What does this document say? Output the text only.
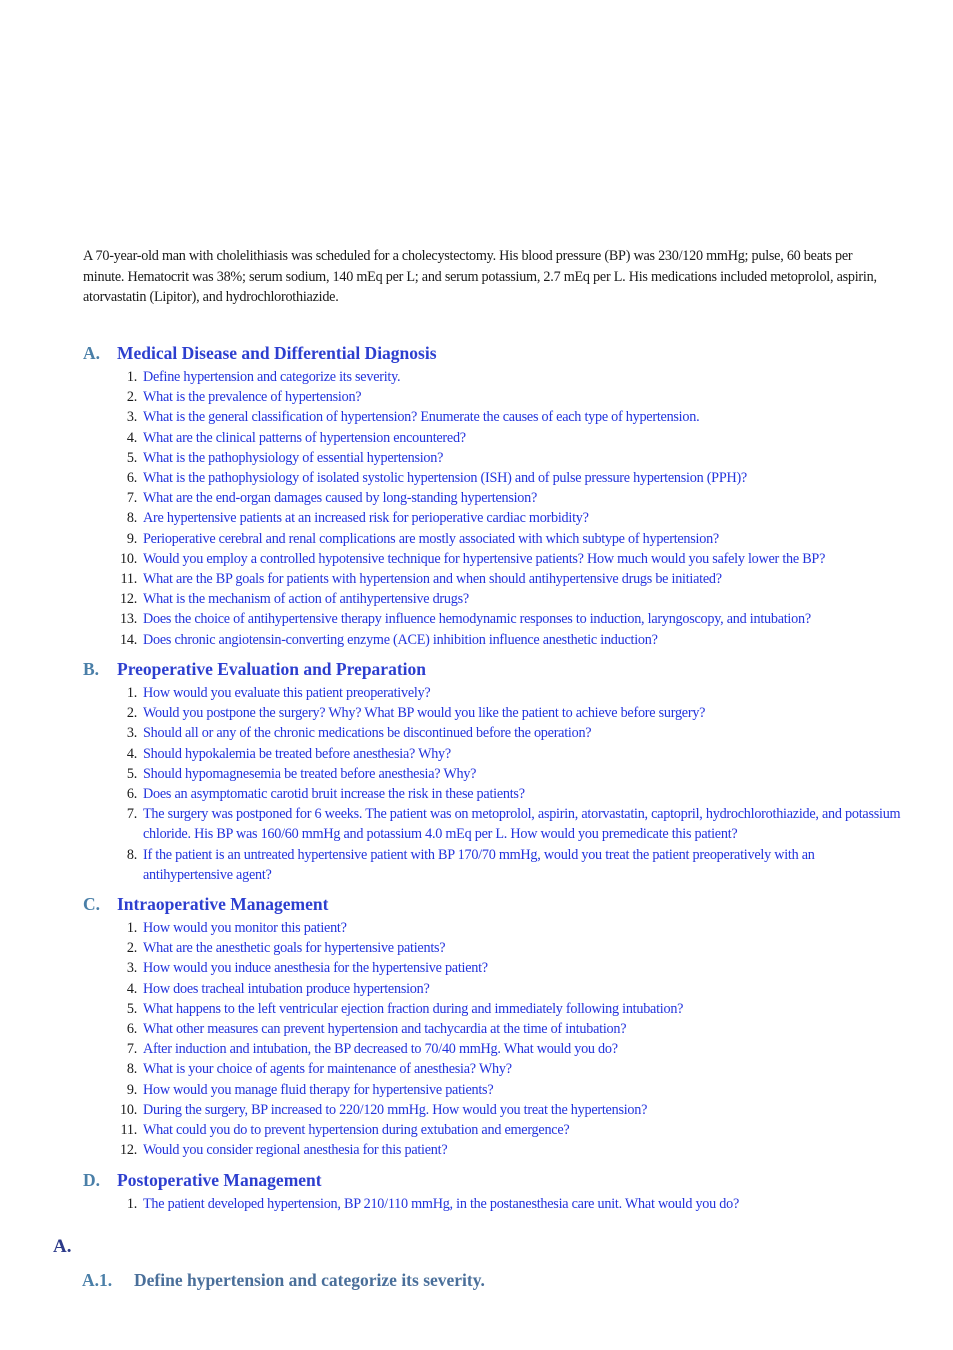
A 70-year-old man with cholelithiasis was scheduled for a cholecystectomy. His blood pressure (BP) was 230/120 mmHg; pulse, 60 beats per minute. Hematocrit was 38%; serum sodium, 140 mEq per L; and serum potassium, 2.7 mEq per L. His medications included metoprolol, aspirin, atorvastatin (Lipitor), and hydrochlorothiazide.

A. Medical Disease and Differential Diagnosis
1. Define hypertension and categorize its severity.
2. What is the prevalence of hypertension?
3. What is the general classification of hypertension? Enumerate the causes of each type of hypertension.
4. What are the clinical patterns of hypertension encountered?
5. What is the pathophysiology of essential hypertension?
6. What is the pathophysiology of isolated systolic hypertension (ISH) and of pulse pressure hypertension (PPH)?
7. What are the end-organ damages caused by long-standing hypertension?
8. Are hypertensive patients at an increased risk for perioperative cardiac morbidity?
9. Perioperative cerebral and renal complications are mostly associated with which subtype of hypertension?
10. Would you employ a controlled hypotensive technique for hypertensive patients? How much would you safely lower the BP?
11. What are the BP goals for patients with hypertension and when should antihypertensive drugs be initiated?
12. What is the mechanism of action of antihypertensive drugs?
13. Does the choice of antihypertensive therapy influence hemodynamic responses to induction, laryngoscopy, and intubation?
14. Does chronic angiotensin-converting enzyme (ACE) inhibition influence anesthetic induction?
B.	Preoperative Evaluation and Preparation
1. How would you evaluate this patient preoperatively?
2. Would you postpone the surgery? Why? What BP would you like the patient to achieve before surgery?
3. Should all or any of the chronic medications be discontinued before the operation?
4. Should hypokalemia be treated before anesthesia? Why?
5. Should hypomagnesemia be treated before anesthesia? Why?
6. Does an asymptomatic carotid bruit increase the risk in these patients?
7. The surgery was postponed for 6 weeks. The patient was on metoprolol, aspirin, atorvastatin, captopril, hydrochlorothiazide, and potassium chloride. His BP was 160/60 mmHg and potassium 4.0 mEq per L. How would you premedicate this patient?
8. If the patient is an untreated hypertensive patient with BP 170/70 mmHg, would you treat the patient preoperatively with an antihypertensive agent?
C. Intraoperative Management
1. How would you monitor this patient?
2. What are the anesthetic goals for hypertensive patients?
3. How would you induce anesthesia for the hypertensive patient?
4. How does tracheal intubation produce hypertension?
5. What happens to the left ventricular ejection fraction during and immediately following intubation?
6. What other measures can prevent hypertension and tachycardia at the time of intubation?
7. After induction and intubation, the BP decreased to 70/40 mmHg. What would you do?
8. What is your choice of agents for maintenance of anesthesia? Why?
9. How would you manage fluid therapy for hypertensive patients?
10. During the surgery, BP increased to 220/120 mmHg. How would you treat the hypertension?
11. What could you do to prevent hypertension during extubation and emergence?
12. Would you consider regional anesthesia for this patient?
D. Postoperative Management
1. The patient developed hypertension, BP 210/110 mmHg, in the postanesthesia care unit. What would you do?
A.
A.1.	Define hypertension and categorize its severity.
